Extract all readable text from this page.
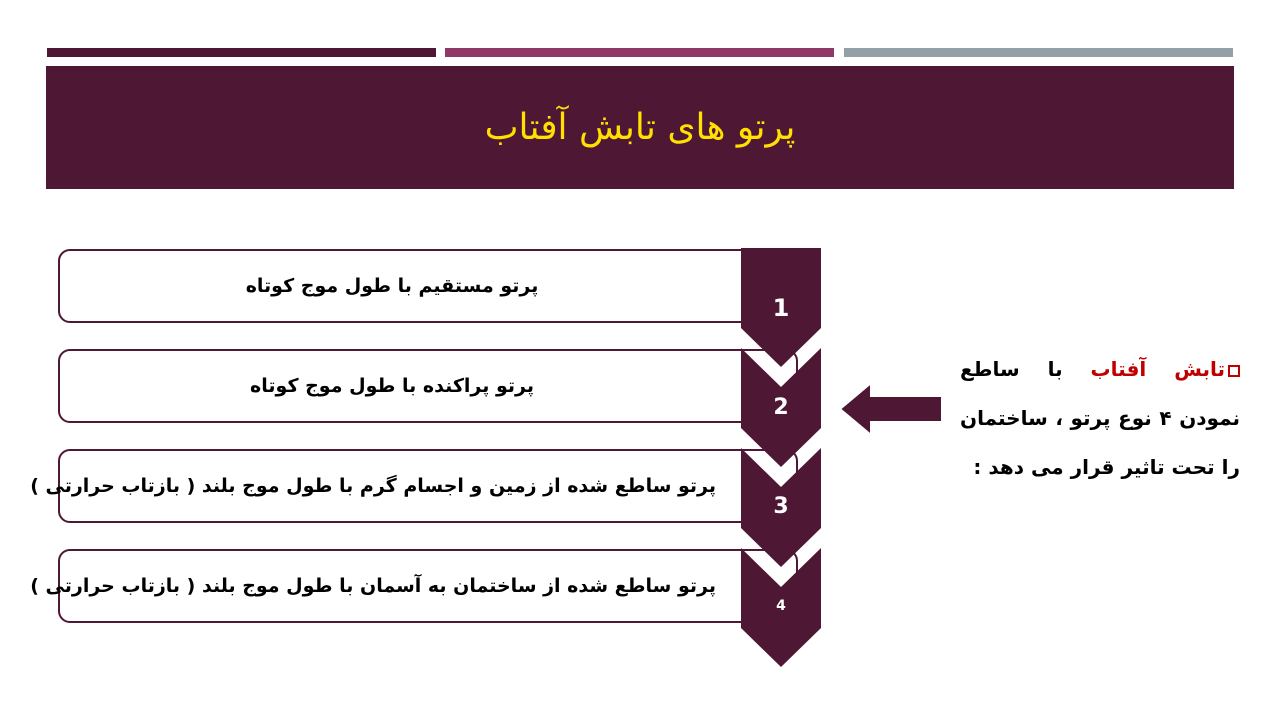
پرتو های تابش آفتاب
پرتو مستقیم با طول موج کوتاه
پرتو پراکنده با طول موج کوتاه
پرتو ساطع شده از زمین و اجسام گرم با طول موج بلند ( بازتاب حرارتی )
پرتو ساطع شده از ساختمان به آسمان با طول موج بلند ( بازتاب حرارتی )
1
2
3
4
تابش آفتاب با ساطع نمودن ۴ نوع پرتو ، ساختمان را تحت تاثیر قرار می دهد :
